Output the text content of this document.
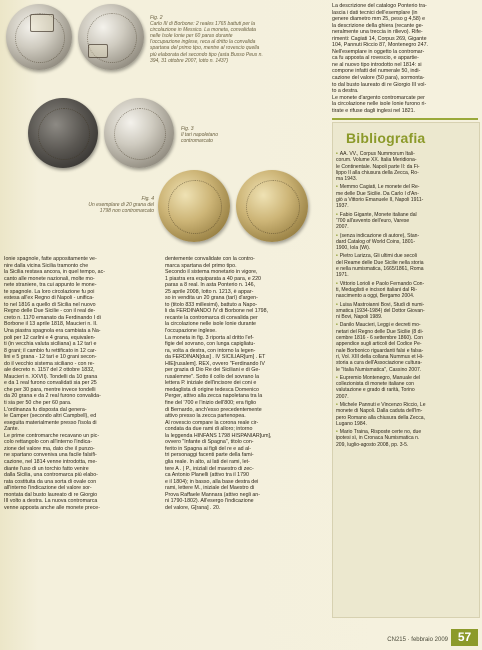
Fig. 2
Carlo III di Borbone: 2 reales 1765 battuti per la
circolazione in Messico. La moneta, convalidata
nelle Isole Ionie per 60 paras durante
l'occupazione inglese, reca al dritto la convalida
spartana del primo tipo, mentre al rovescio quella
più elaborata del secondo tipo (asta Busso Peus n.
394, 31 ottobre 2007, lotto n. 1437)
Fig. 3
Il tari napoletano
contromarcato
Fig. 4
Un esemplare di 20 grana del
1798 non contromarcato
La descrizione del catalogo Ponterio tra-
lascia i dati tecnici dell'esemplare (in
genere diametro mm 25, peso g 4,58) e
la descrizione della ghiera (recante ge-
neralmente una treccia in rilievo). Rife-
rimenti: Cagiati 14, Corpus 269, Gigante
104, Pannuti Riccio 87, Montenegro 247.
Nell'esemplare in oggetto la contromar-
ca fu apposta al rovescio, e appartie-
ne al nuovo tipo introdotto nel 1814: si
compone infatti del numerale 50, indi-
cazione del valore (50 para), sormonta-
to dal busto laureato di re Giorgio III vol-
to a destra.
Le monete d'argento contromarcate per
la circolazione nelle isole Ionie furono ri-
tirate e rifuse dagli inglesi nel 1821.
Ionie spagnole, fatte appositamente ve-
nire dalla vicina Sicilia tramonto che
la Sicilia restava ancora, in quel tempo, ac-
canto alle monete nazionali, molte mo-
nete straniere, tra cui appunto le mone-
te spagnole. La loro circolazione fu poi
estesa all'ex Regno di Napoli - unifica-
to nel 1816 a quello di Sicilia nel nuovo
Regno delle Due Sicilie - con il real de-
creto n. 1170 emanato da Ferdinando I di
Borbone il 13 aprile 1818, Maucieri n. II.
Una piastra spagnola era cambiata a Na-
poli per 12 carlini e 4 grana, equivalen-
ti (in vecchia valuta siciliana) a 12 tarì e
8 grani; il cambio fu rettificato in 12 car-
lini e 5 grana - 12 tarì e 10 grani secon-
do il vecchio sistema siciliano - con re-
ale decreto n. 1157 del 2 ottobre 1832,
Maucieri n. XXVII). Tondelli da 10 grana
e da 1 real furono convalidati sia per 25
che per 30 para, mentre invece tondelli
da 20 grana e da 2 real furono convalida-
ti sia per 50 che per 60 para.
L'ordinanza fu disposta dal genera-
le Camper (secondo altri Campbell), ed
eseguita materialmente presso l'isola di
Zante.
Le prime contromarche recavano un pic-
colo rettangolo con all'interno l'indica-
zione del valore ma, dato che il punzo-
ne spartano conveniva una facile falsifi-
cazione, nel 1814 venne introdotta, me-
diante l'uso di un torchio fatto venire
dalla Sicilia, una contromarca più elabo-
rata costituita da una sorta di ovale con
all'interno l'indicazione del valore sor-
montata dal busto laureato di re Giorgio
III volto a destra. La nuova contromarca
venne apposta anche alle monete prece-
dentemente convalidate con la contro-
marca spartana del primo tipo.
Secondo il sistema monetario in vigore,
1 piastra era equiparata a 40 para, e 220
paras a 8 real. In asta Ponterio n. 146,
25 aprile 2008, lotto n. 1213, è appar-
so in vendita un 20 grana (tarì) d'argen-
to (titolo 833 millesimi), battuto a Napo-
li da FERDINANDO IV di Borbone nel 1798,
recante la contromarca di convalida per
la circolazione nelle isole Ionie durante
l'occupazione inglese.
La moneta in fig. 3 riporta al dritto l'ef-
figie del sovrano, con lunga capigliatu-
ra, volta a destra, con intorno la legen-
da FERDINAN[dus] . IV SICILIAR[um] . ET
HIE[rusalem]. REX, ovvero "Ferdinando IV
per grazia di Dio Re dei Siciliani e di Ge-
rusalemme". Sotto il collo del sovrano la
lettera P. iniziale dell'incisore dei coni e
medaglista di origine tedesca Domenico
Perger, attivo alla zecca napoletana tra la
fine del '700 e l'inizio dell'800; era figlio
di Bernardo, anch'esso precedentemente
attivo presso la zecca partenopea.
Al rovescio compare la corona reale cir-
condata da due rami di alloro; intorno
la leggenda HINFANS 1798 HISPANIAR[um],
ovvero "Infante di Spagna", titolo con-
ferito in Spagna ai figli del re e ad al-
tri personaggi facenti parte della fami-
glia reale. In alto, ai lati dei rami, let-
tere A . | P., iniziali del maestro di zec-
ca Antonio Planelli (attivo tra il 1790
e il 1804); in basso, alla base destra dei
rami, lettere M., iniziale del Maestro di
Prova Raffaele Mannara (attivo negli an-
ni 1790-1802). All'esergo l'indicazione
del valore, G[rana] . 20.
Bibliografia
• AA. VV., Corpus Nummorum Itali-
corum. Volume XX. Italia Meridiona-
le Continentale. Napoli parte II: da Fi-
lippo II alla chiusura della Zecca, Ro-
ma 1943.
• Memmo Cagiati, Le monete del Re-
me delle Due Sicilie. Da Carlo I d'An-
giò a Vittorio Emanuele II, Napoli 1911-
1937.
• Fabio Gigante, Monete italiane dal
'700 all'avvento dell'euro, Varese
2007.
• (senza indicazione di autore), Stan-
dard Catalog of World Coins, 1801-
1900, Iola (Wi).
• Pietro Larizza, Gli ultimi due secoli
del Reame delle Due Sicilie nella storia
e nella numismatica, 1665/1861, Roma
1971.
• Vittorio Lorioli e Paolo Fernando Con-
ti, Medaglisti e incisori italiani dal Ri-
nascimento a oggi, Bergamo 2004.
• Luisa Mastroianni Bovi, Studi di numi-
smatica (1934-1984) del Dottor Giovan-
ni Bovi, Napoli 1989.
• Danilo Maucieri, Leggi e decreti mo-
netari del Regno delle Due Sicilie (8 di-
cembre 1816 - 6 settembre 1860). Con
appendice sugli articoli del Codice Pe-
nale Borbonico riguardanti falsi e falsa-
ri, Vol. XIII della collana Nummus et Hi-
storia a cura dell'Associazione cultura-
le "Italia Numismatica", Cassino 2007.
• Eupremio Montenegro, Manuale del
collezionista di monete italiane con
valutazione e grado di rarità, Torino
2007.
• Michele Pannuti e Vincenzo Riccio, Le
monete di Napoli. Dalla caduta dell'Im-
pero Romano alla chiusura della Zecca,
Lugano 1984.
• Mario Traina, Risposte certe no, due
ipotesi sì, in Cronaca Numismatica n.
209, luglio-agosto 2008, pp. 3-5.
CN215 · febbraio 2009 57
